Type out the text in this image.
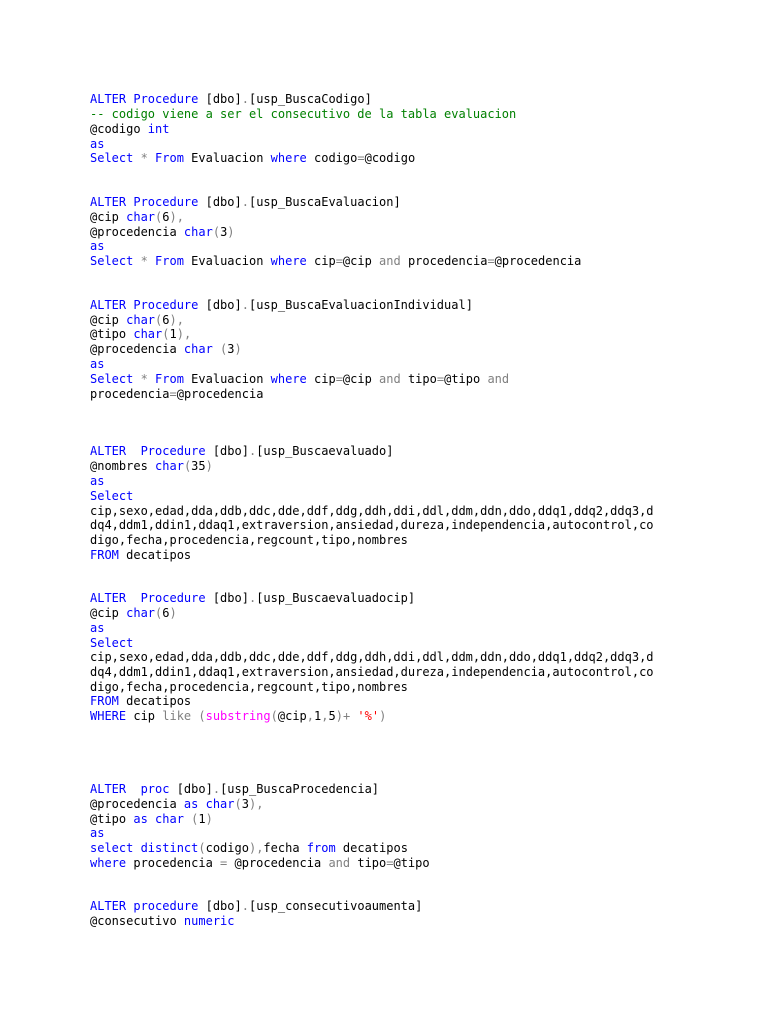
ALTER Procedure [dbo].[usp_BuscaCodigo]
-- codigo viene a ser el consecutivo de la tabla evaluacion
@codigo int
as
Select * From Evaluacion where codigo=@codigo
ALTER Procedure [dbo].[usp_BuscaEvaluacion]
@cip char(6),
@procedencia char(3)
as
Select * From Evaluacion where cip=@cip and procedencia=@procedencia
ALTER Procedure [dbo].[usp_BuscaEvaluacionIndividual]
@cip char(6),
@tipo char(1),
@procedencia char (3)
as
Select * From Evaluacion where cip=@cip and tipo=@tipo and
procedencia=@procedencia
ALTER  Procedure [dbo].[usp_Buscaevaluado]
@nombres char(35)
as
Select
cip,sexo,edad,dda,ddb,ddc,dde,ddf,ddg,ddh,ddi,ddl,ddm,ddn,ddo,ddq1,ddq2,ddq3,d
dq4,ddm1,ddin1,ddaq1,extraversion,ansiedad,dureza,independencia,autocontrol,co
digo,fecha,procedencia,regcount,tipo,nombres
FROM decatipos
ALTER  Procedure [dbo].[usp_Buscaevaluadocip]
@cip char(6)
as
Select
cip,sexo,edad,dda,ddb,ddc,dde,ddf,ddg,ddh,ddi,ddl,ddm,ddn,ddo,ddq1,ddq2,ddq3,d
dq4,ddm1,ddin1,ddaq1,extraversion,ansiedad,dureza,independencia,autocontrol,co
digo,fecha,procedencia,regcount,tipo,nombres
FROM decatipos
WHERE cip like (substring(@cip,1,5)+ '%')
ALTER  proc [dbo].[usp_BuscaProcedencia]
@procedencia as char(3),
@tipo as char (1)
as
select distinct(codigo),fecha from decatipos
where procedencia = @procedencia and tipo=@tipo
ALTER procedure [dbo].[usp_consecutivoaumenta]
@consecutivo numeric
